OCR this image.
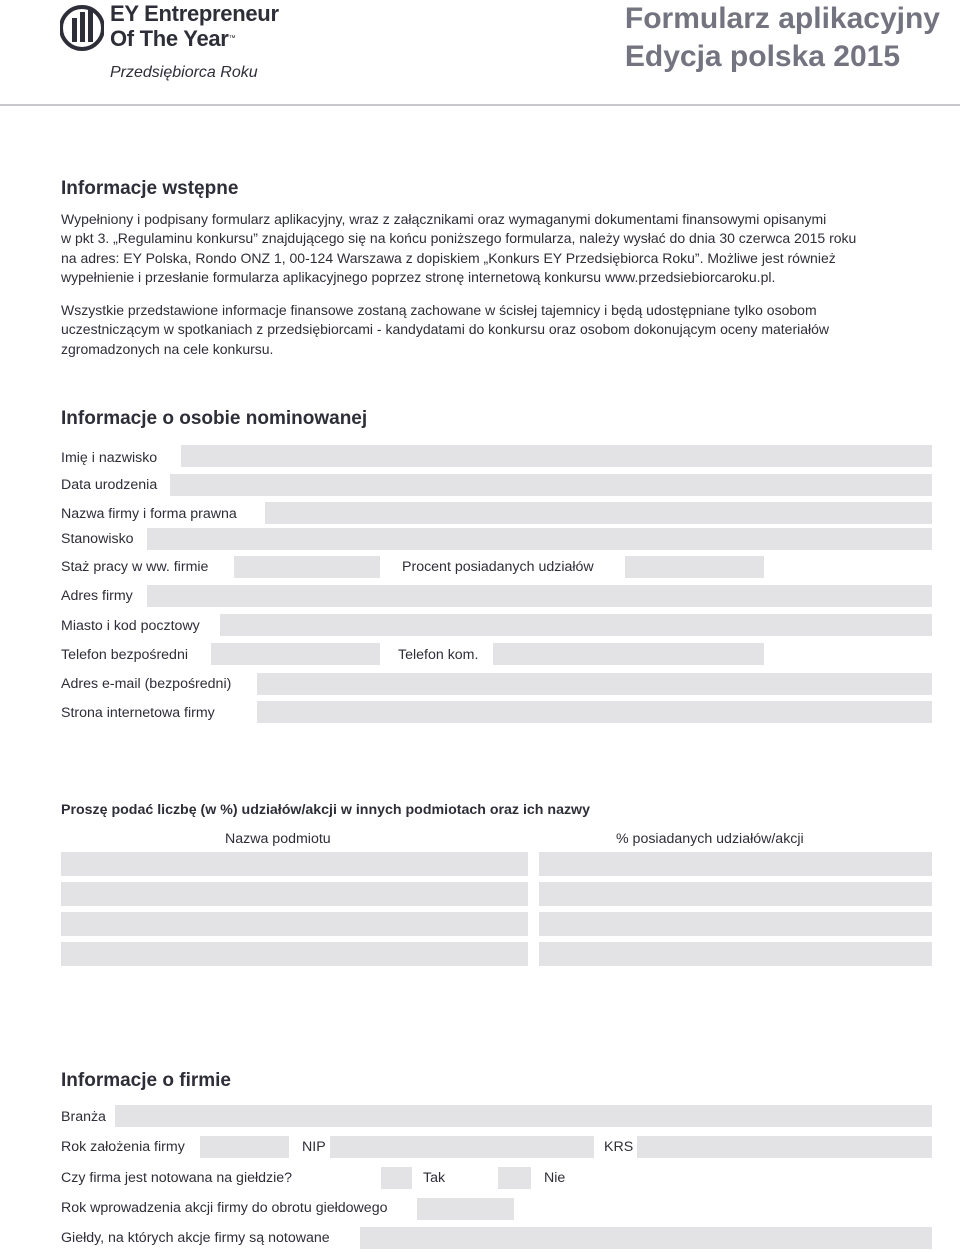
EY Entrepreneur
Of The Year™
Przedsiębiorca Roku
Formularz aplikacyjny
Edycja polska 2015
Informacje wstępne
Wypełniony i podpisany formularz aplikacyjny, wraz z załącznikami oraz wymaganymi dokumentami finansowymi opisanymi
w pkt 3. „Regulaminu konkursu” znajdującego się na końcu poniższego formularza, należy wysłać do dnia 30 czerwca 2015 roku
na adres: EY Polska, Rondo ONZ 1, 00-124 Warszawa z dopiskiem „Konkurs EY Przedsiębiorca Roku”. Możliwe jest również
wypełnienie i przesłanie formularza aplikacyjnego poprzez stronę internetową konkursu www.przedsiebiorcaroku.pl.
Wszystkie przedstawione informacje finansowe zostaną zachowane w ścisłej tajemnicy i będą udostępniane tylko osobom
uczestniczącym w spotkaniach z przedsiębiorcami - kandydatami do konkursu oraz osobom dokonującym oceny materiałów
zgromadzonych na cele konkursu.
Informacje o osobie nominowanej
Imię i nazwisko
Data urodzenia
Nazwa firmy i forma prawna
Stanowisko
Staż pracy w ww. firmie	Procent posiadanych udziałów
Adres firmy
Miasto i kod pocztowy
Telefon bezpośredni	Telefon kom.
Adres e-mail (bezpośredni)
Strona internetowa firmy
Proszę podać liczbę (w %) udziałów/akcji w innych podmiotach oraz ich nazwy
Nazwa podmiotu	% posiadanych udziałów/akcji
Informacje o firmie
Branża
Rok założenia firmy	NIP	KRS
Czy firma jest notowana na giełdzie?	Tak	Nie
Rok wprowadzenia akcji firmy do obrotu giełdowego
Giełdy, na których akcje firmy są notowane
